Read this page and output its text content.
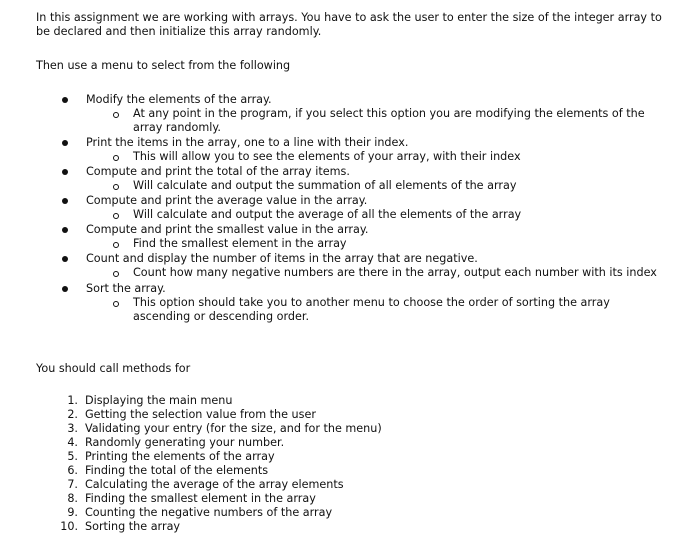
In this assignment we are working with arrays. You have to ask the user to enter the size of the integer array to be declared and then initialize this array randomly.

Then use a menu to select from the following

Modify the elements of the array.
At any point in the program, if you select this option you are modifying the elements of the array randomly.
Print the items in the array, one to a line with their index.
This will allow you to see the elements of your array, with their index
Compute and print the total of the array items.
Will calculate and output the summation of all elements of the array
Compute and print the average value in the array.
Will calculate and output the average of all the elements of the array
Compute and print the smallest value in the array.
Find the smallest element in the array
Count and display the number of items in the array that are negative.
Count how many negative numbers are there in the array, output each number with its index
Sort the array.
This option should take you to another menu to choose the order of sorting the array ascending or descending order.

You should call methods for

1. Displaying the main menu
2. Getting the selection value from the user
3. Validating your entry (for the size, and for the menu)
4. Randomly generating your number.
5. Printing the elements of the array
6. Finding the total of the elements
7. Calculating the average of the array elements
8. Finding the smallest element in the array
9. Counting the negative numbers of the array
10. Sorting the array
